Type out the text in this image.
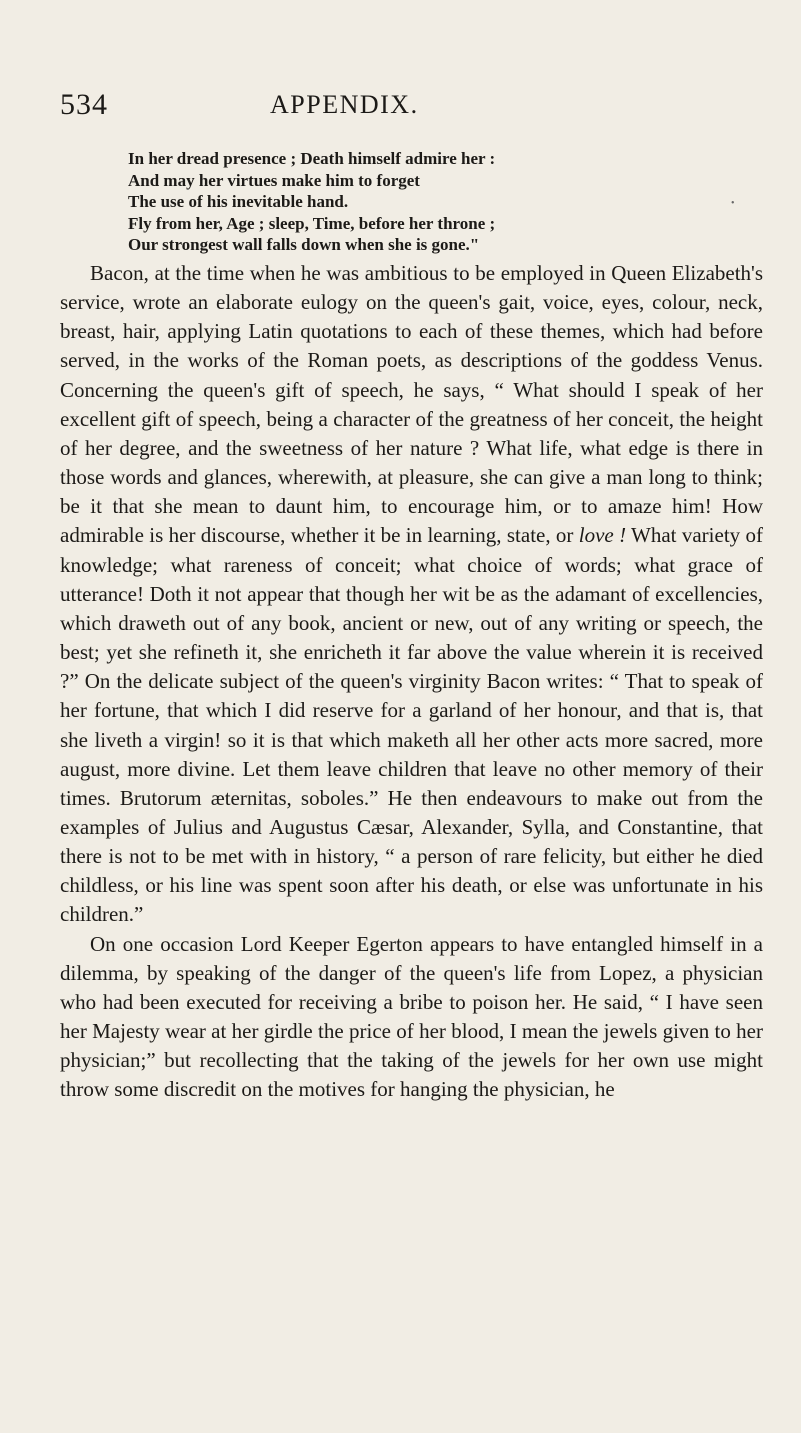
534	APPENDIX.
•
In her dread presence ; Death himself admire her :
And may her virtues make him to forget
The use of his inevitable hand.
Fly from her, Age ; sleep, Time, before her throne ;
Our strongest wall falls down when she is gone."

Bacon, at the time when he was ambitious to be employed in Queen Elizabeth's service, wrote an elaborate eulogy on the queen's gait, voice, eyes, colour, neck, breast, hair, applying Latin quotations to each of these themes, which had before served, in the works of the Roman poets, as descriptions of the goddess Venus. Concerning the queen's gift of speech, he says, “ What should I speak of her excellent gift of speech, being a character of the greatness of her conceit, the height of her degree, and the sweetness of her nature ? What life, what edge is there in those words and glances, wherewith, at pleasure, she can give a man long to think; be it that she mean to daunt him, to encourage him, or to amaze him! How admirable is her discourse, whether it be in learning, state, or love ! What variety of knowledge; what rareness of conceit; what choice of words; what grace of utterance! Doth it not appear that though her wit be as the adamant of excellencies, which draweth out of any book, ancient or new, out of any writing or speech, the best; yet she refineth it, she enricheth it far above the value wherein it is received ?” On the delicate subject of the queen's virginity Bacon writes: “ That to speak of her fortune, that which I did reserve for a garland of her honour, and that is, that she liveth a virgin! so it is that which maketh all her other acts more sacred, more august, more divine. Let them leave children that leave no other memory of their times. Brutorum æternitas, soboles.” He then endeavours to make out from the examples of Julius and Augustus Cæsar, Alexander, Sylla, and Constantine, that there is not to be met with in history, “ a person of rare felicity, but either he died childless, or his line was spent soon after his death, or else was unfortunate in his children.”

On one occasion Lord Keeper Egerton appears to have entangled himself in a dilemma, by speaking of the danger of the queen's life from Lopez, a physician who had been executed for receiving a bribe to poison her. He said, “ I have seen her Majesty wear at her girdle the price of her blood, I mean the jewels given to her physician;” but recollecting that the taking of the jewels for her own use might throw some discredit on the motives for hanging the physician, he
